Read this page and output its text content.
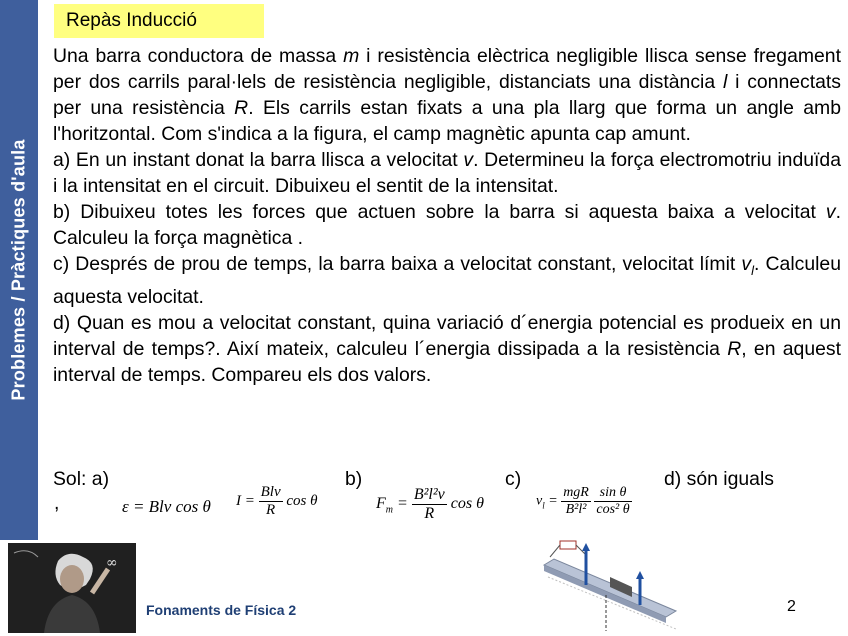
Problemes / Pràctiques d'aula
Repàs Inducció

Una barra conductora de massa m i resistència elèctrica negligible llisca sense fregament per dos carrils paral·lels de resistència negligible, distanciats una distància l i connectats per una resistència R. Els carrils estan fixats a una pla llarg que forma un angle amb l'horitzontal. Com s'indica a la figura, el camp magnètic apunta cap amunt.

a) En un instant donat la barra llisca a velocitat v. Determineu la força electromotriu induïda i la intensitat en el circuit. Dibuixeu el sentit de la intensitat.

b) Dibuixeu totes les forces que actuen sobre la barra si aquesta baixa a velocitat v. Calculeu la força magnètica .

c) Després de prou de temps, la barra baixa a velocitat constant, velocitat límit $v_l$. Calculeu aquesta velocitat.

d) Quan es mou a velocitat constant, quina variació d´energia potencial es produeix en un interval de temps?. Així mateix, calculeu l´energia dissipada a la resistència R, en aquest interval de temps. Compareu els dos valors.

Sol: a)	b)	c)	d) són iguals
,	ε = Blv cos θ $I = \frac{\text{Blv}}{R}$ cos θ	$F_m = \frac{\text{B²l²v}}{R}$ cos θ	$v_l = \frac{\text{mgR}}{\text{B²l²}}$
$\frac{\text{sin θ}}{\text{cos² θ}}$
∞
Fonaments de Física 2	2
